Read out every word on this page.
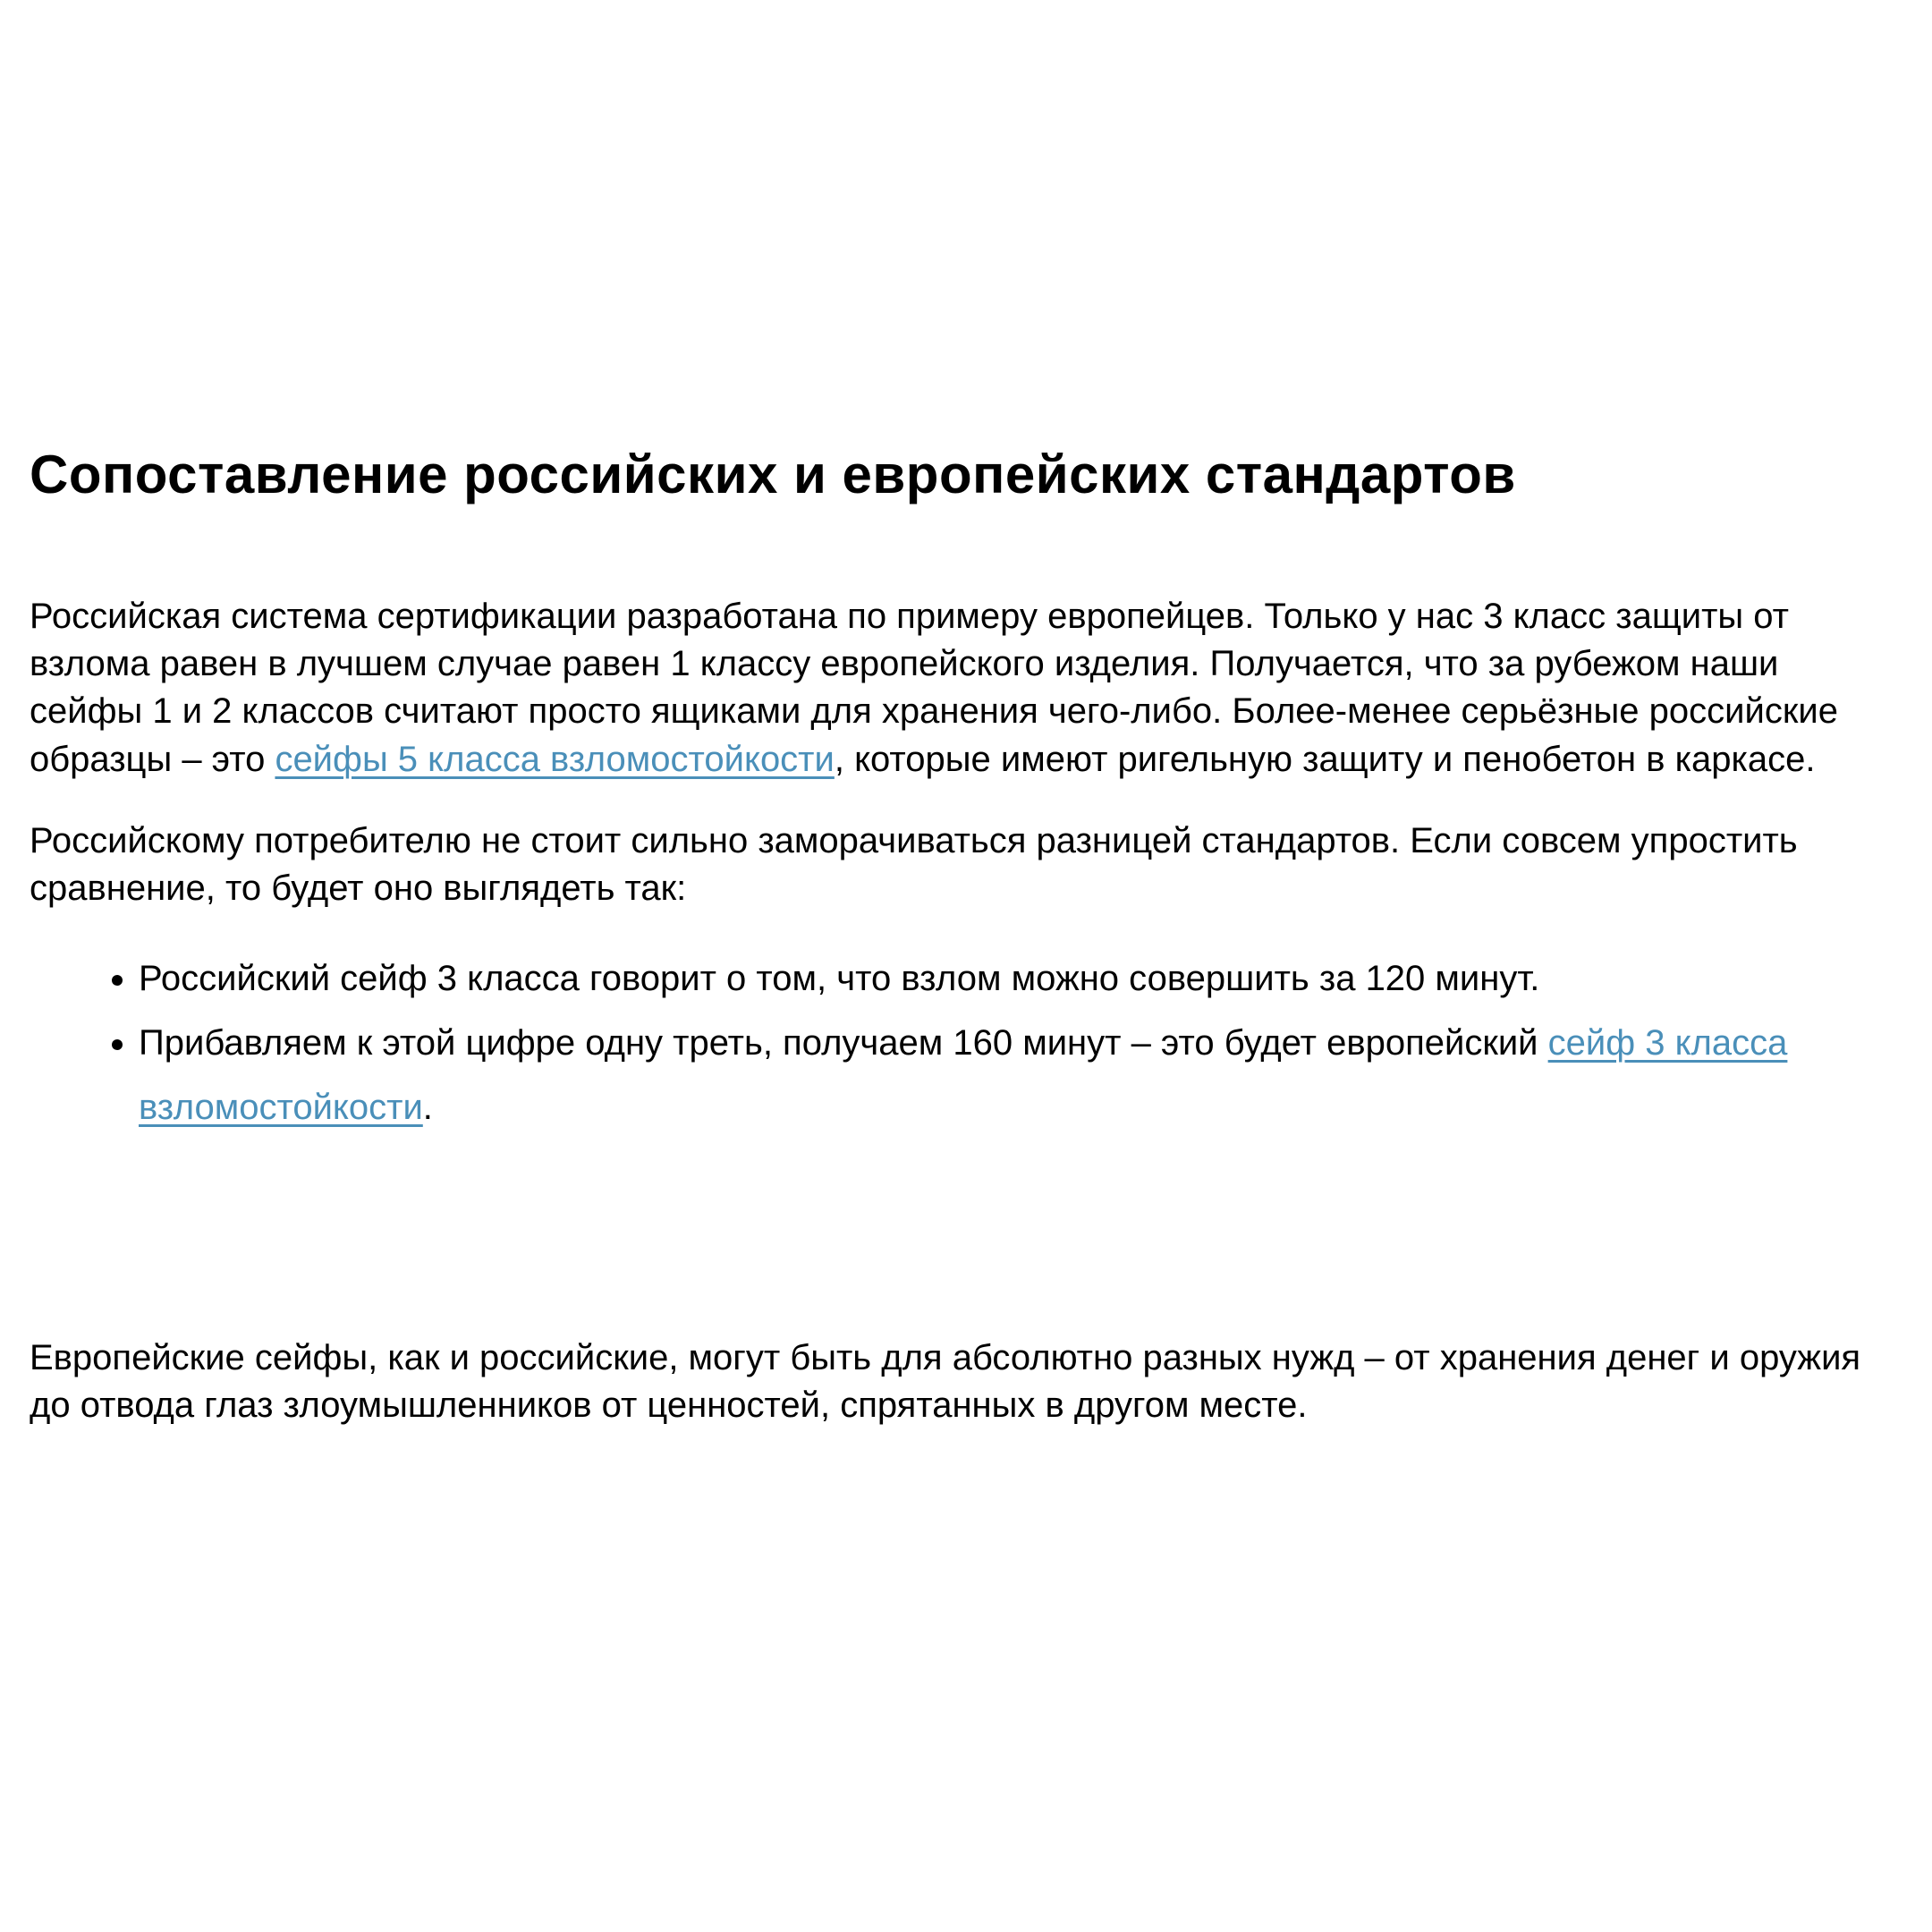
Сопоставление российских и европейских стандартов

Российская система сертификации разработана по примеру европейцев. Только у нас 3 класс защиты от взлома равен в лучшем случае равен 1 классу европейского изделия. Получается, что за рубежом наши сейфы 1 и 2 классов считают просто ящиками для хранения чего-либо. Более-менее серьёзные российские образцы – это сейфы 5 класса взломостойкости, которые имеют ригельную защиту и пенобетон в каркасе.

Российскому потребителю не стоит сильно заморачиваться разницей стандартов. Если совсем упростить сравнение, то будет оно выглядеть так:

• Российский сейф 3 класса говорит о том, что взлом можно совершить за 120 минут.
• Прибавляем к этой цифре одну треть, получаем 160 минут – это будет европейский сейф 3 класса взломостойкости.

Европейские сейфы, как и российские, могут быть для абсолютно разных нужд – от хранения денег и оружия до отвода глаз злоумышленников от ценностей, спрятанных в другом месте.
